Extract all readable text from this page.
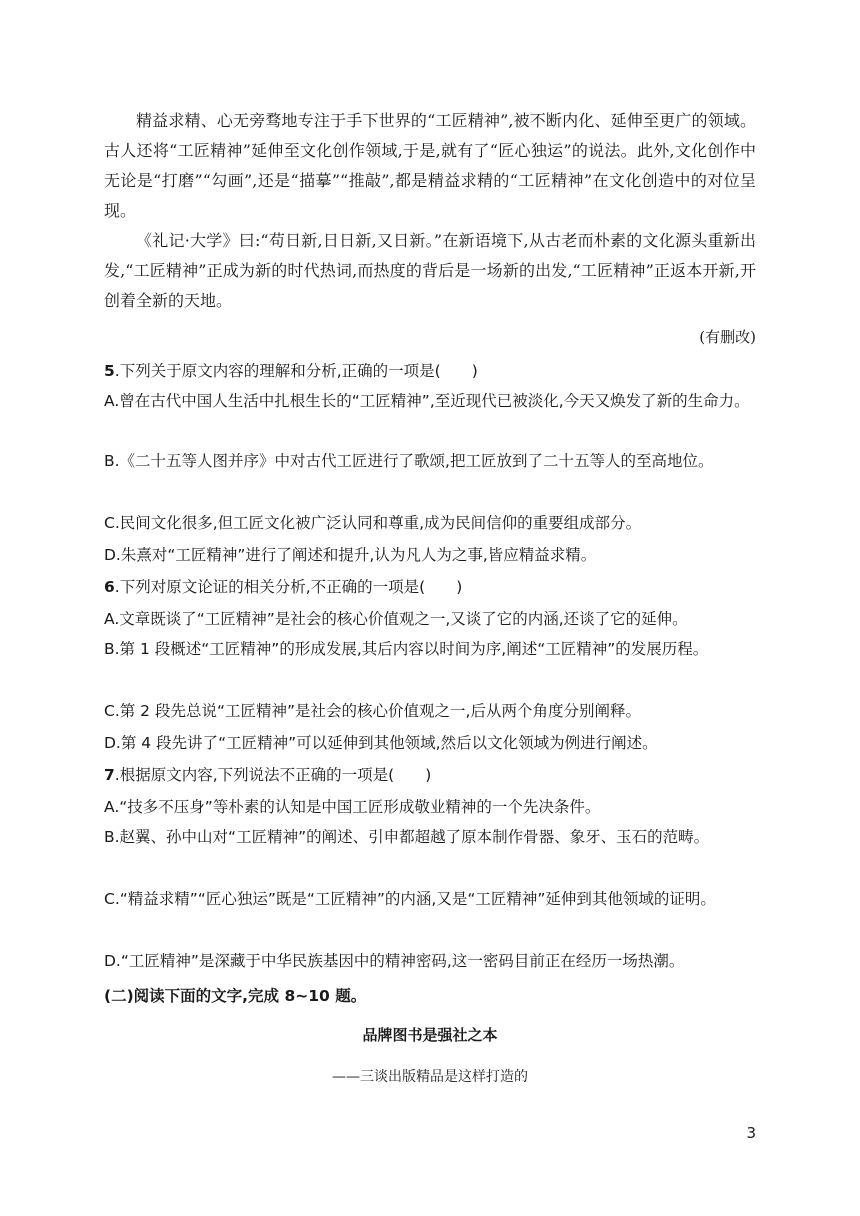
精益求精、心无旁骛地专注于手下世界的“工匠精神”,被不断内化、延伸至更广的领域。古人还将“工匠精神”延伸至文化创作领域,于是,就有了“匠心独运”的说法。此外,文化创作中无论是“打磨”“勾画”,还是“描摹”“推敲”,都是精益求精的“工匠精神”在文化创造中的对位呈现。

《礼记·大学》曰:“苟日新,日日新,又日新。”在新语境下,从古老而朴素的文化源头重新出发,“工匠精神”正成为新的时代热词,而热度的背后是一场新的出发,“工匠精神”正返本开新,开创着全新的天地。

(有删改)

5.下列关于原文内容的理解和分析,正确的一项是(　　)

A.曾在古代中国人生活中扎根生长的“工匠精神”,至近现代已被淡化,今天又焕发了新的生命力。

B.《二十五等人图并序》中对古代工匠进行了歌颂,把工匠放到了二十五等人的至高地位。

C.民间文化很多,但工匠文化被广泛认同和尊重,成为民间信仰的重要组成部分。

D.朱熹对“工匠精神”进行了阐述和提升,认为凡人为之事,皆应精益求精。

6.下列对原文论证的相关分析,不正确的一项是(　　)

A.文章既谈了“工匠精神”是社会的核心价值观之一,又谈了它的内涵,还谈了它的延伸。

B.第 1 段概述“工匠精神”的形成发展,其后内容以时间为序,阐述“工匠精神”的发展历程。

C.第 2 段先总说“工匠精神”是社会的核心价值观之一,后从两个角度分别阐释。

D.第 4 段先讲了“工匠精神”可以延伸到其他领域,然后以文化领域为例进行阐述。

7.根据原文内容,下列说法不正确的一项是(　　)

A.“技多不压身”等朴素的认知是中国工匠形成敬业精神的一个先决条件。

B.赵翼、孙中山对“工匠精神”的阐述、引申都超越了原本制作骨器、象牙、玉石的范畴。

C.“精益求精”“匠心独运”既是“工匠精神”的内涵,又是“工匠精神”延伸到其他领域的证明。

D.“工匠精神”是深藏于中华民族基因中的精神密码,这一密码目前正在经历一场热潮。

(二)阅读下面的文字,完成 8~10 题。
品牌图书是强社之本
——三谈出版精品是这样打造的
3
